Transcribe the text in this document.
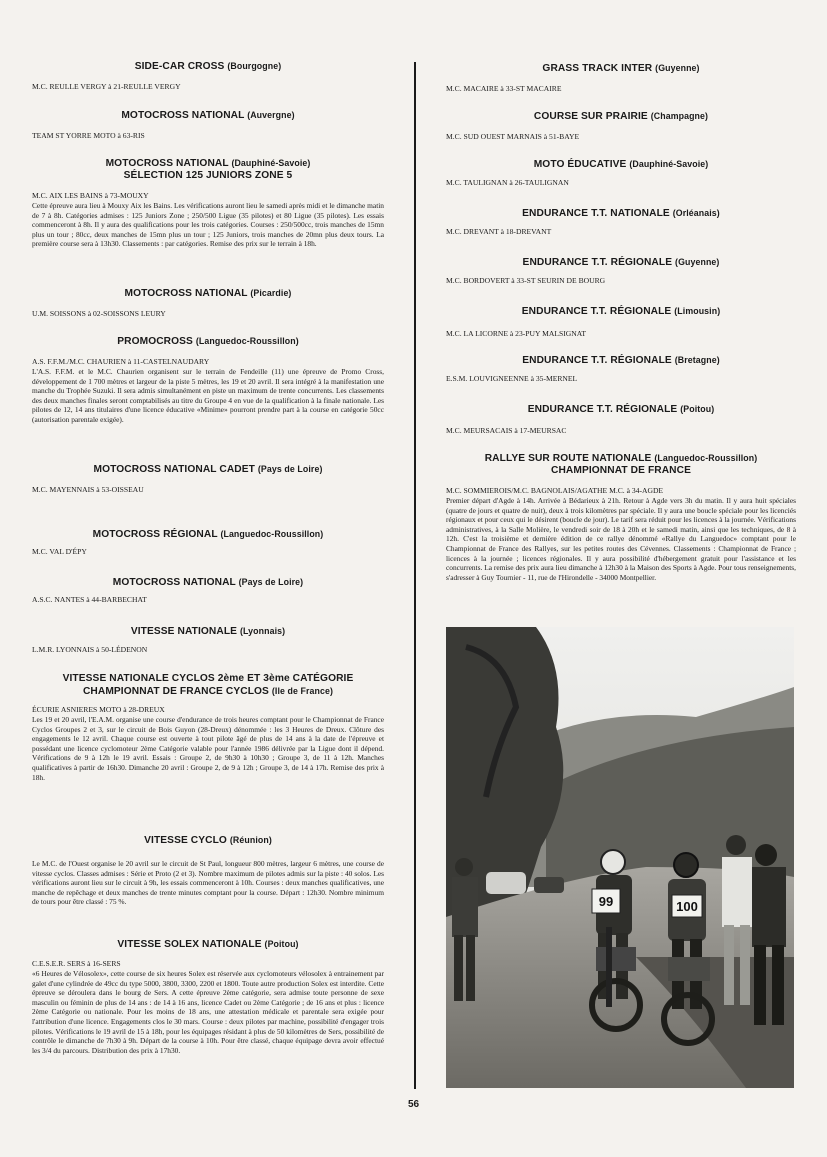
SIDE-CAR CROSS (Bourgogne)
M.C. REULLE VERGY à 21-REULLE VERGY
MOTOCROSS NATIONAL (Auvergne)
TEAM ST YORRE MOTO à 63-RIS
MOTOCROSS NATIONAL (Dauphiné-Savoie)
SÉLECTION 125 JUNIORS ZONE 5
M.C. AIX LES BAINS à 73-MOUXY
Cette épreuve aura lieu à Mouxy Aix les Bains. Les vérifications auront lieu le samedi après midi et le dimanche matin de 7 à 8h. Catégories admises : 125 Juniors Zone ; 250/500 Ligue (35 pilotes) et 80 Ligue (35 pilotes). Les essais commenceront à 8h. Il y aura des qualifications pour les trois catégories. Courses : 250/500cc, trois manches de 15mn plus un tour ; 80cc, deux manches de 15mn plus un tour ; 125 Juniors, trois manches de 20mn plus deux tours. La première course sera à 13h30. Classements : par catégories. Remise des prix sur le terrain à 18h.
MOTOCROSS NATIONAL (Picardie)
U.M. SOISSONS à 02-SOISSONS LEURY
PROMOCROSS (Languedoc-Roussillon)
A.S. F.F.M./M.C. CHAURIEN à 11-CASTELNAUDARY
L'A.S. F.F.M. et le M.C. Chaurien organisent sur le terrain de Fendeille (11) une épreuve de Promo Cross, développement de 1 700 mètres et largeur de la piste 5 mètres, les 19 et 20 avril. Il sera intégré à la manifestation une manche du Trophée Suzuki. Il sera admis simultanément en piste un maximum de trente concurrents. Les classements des deux manches finales seront comptabilisés au titre du Groupe 4 en vue de la qualification à la finale nationale. Les pilotes de 12, 14 ans titulaires d'une licence éducative «Minime» pourront prendre part à la course en catégorie 50cc (autorisation parentale exigée).
MOTOCROSS NATIONAL CADET (Pays de Loire)
M.C. MAYENNAIS à 53-OISSEAU
MOTOCROSS RÉGIONAL (Languedoc-Roussillon)
M.C. VAL D'ÉPY
MOTOCROSS NATIONAL (Pays de Loire)
A.S.C. NANTES à 44-BARBECHAT
VITESSE NATIONALE (Lyonnais)
L.M.R. LYONNAIS à 50-LÉDENON
VITESSE NATIONALE CYCLOS 2ème ET 3ème CATÉGORIE
CHAMPIONNAT DE FRANCE CYCLOS (Ile de France)
ÉCURIE ASNIERES MOTO à 28-DREUX
Les 19 et 20 avril, l'E.A.M. organise une course d'endurance de trois heures comptant pour le Championnat de France Cyclos Groupes 2 et 3, sur le circuit de Bois Guyon (28-Dreux) dénommée : les 3 Heures de Dreux. Clôture des engagements le 12 avril. Chaque course est ouverte à tout pilote âgé de plus de 14 ans à la date de l'épreuve et possédant une licence cyclomoteur 2ème Catégorie valable pour l'année 1986 délivrée par la Ligue dont il dépend. Vérifications de 9 à 12h le 19 avril. Essais : Groupe 2, de 9h30 à 10h30 ; Groupe 3, de 11 à 12h. Manches qualificatives à partir de 16h30. Dimanche 20 avril : Groupe 2, de 9 à 12h ; Groupe 3, de 14 à 17h. Remise des prix à 18h.
VITESSE CYCLO (Réunion)
Le M.C. de l'Ouest organise le 20 avril sur le circuit de St Paul, longueur 800 mètres, largeur 6 mètres, une course de vitesse cyclos. Classes admises : Série et Proto (2 et 3). Nombre maximum de pilotes admis sur la piste : 40 solos. Les vérifications auront lieu sur le circuit à 9h, les essais commenceront à 10h. Courses : deux manches qualificatives, une manche de repêchage et deux manches de trente minutes comptant pour la course. Départ : 12h30. Nombre minimum de tours pour être classé : 75 %.
VITESSE SOLEX NATIONALE (Poitou)
C.E.S.E.R. SERS à 16-SERS
«6 Heures de Vélosolex», cette course de six heures Solex est réservée aux cyclomoteurs vélosolex à entrainement par galet d'une cylindrée de 49cc du type 5000, 3800, 3300, 2200 et 1800. Toute autre production Solex est interdite. Cette épreuve se déroulera dans le bourg de Sers. A cette épreuve 2ème catégorie, sera admise toute personne de sexe masculin ou féminin de plus de 14 ans : de 14 à 16 ans, licence Cadet ou 2ème Catégorie ; de 16 ans et plus : licence 2ème Catégorie ou nationale. Pour les moins de 18 ans, une attestation médicale et parentale sera exigée pour l'attribution d'une licence. Engagements clos le 30 mars. Course : deux pilotes par machine, possibilité d'engager trois pilotes. Vérifications le 19 avril de 15 à 18h, pour les équipages résidant à plus de 50 kilomètres de Sers, possibilité de contrôle le dimanche de 7h30 à 9h. Départ de la course à 10h. Pour être classé, chaque équipage devra avoir effectué les 3/4 du parcours. Distribution des prix à 17h30.
GRASS TRACK INTER (Guyenne)
M.C. MACAIRE à 33-ST MACAIRE
COURSE SUR PRAIRIE (Champagne)
M.C. SUD OUEST MARNAIS à 51-BAYE
MOTO ÉDUCATIVE (Dauphiné-Savoie)
M.C. TAULIGNAN à 26-TAULIGNAN
ENDURANCE T.T. NATIONALE (Orléanais)
M.C. DREVANT à 18-DREVANT
ENDURANCE T.T. RÉGIONALE (Guyenne)
M.C. BORDOVERT à 33-ST SEURIN DE BOURG
ENDURANCE T.T. RÉGIONALE (Limousin)
M.C. LA LICORNE à 23-PUY MALSIGNAT
ENDURANCE T.T. RÉGIONALE (Bretagne)
E.S.M. LOUVIGNEENNE à 35-MERNEL
ENDURANCE T.T. RÉGIONALE (Poitou)
M.C. MEURSACAIS à 17-MEURSAC
RALLYE SUR ROUTE NATIONALE (Languedoc-Roussillon)
CHAMPIONNAT DE FRANCE
M.C. SOMMIEROIS/M.C. BAGNOLAIS/AGATHE M.C. à 34-AGDE
Premier départ d'Agde à 14h. Arrivée à Bédarieux à 21h. Retour à Agde vers 3h du matin. Il y aura huit spéciales (quatre de jours et quatre de nuit), deux à trois kilomètres par spéciale. Il y aura une boucle spéciale pour les licenciés régionaux et pour ceux qui le désirent (boucle de jour). Le tarif sera réduit pour les licences à la journée. Vérifications administratives, à la Salle Molière, le vendredi soir de 18 à 20h et le samedi matin, ainsi que les techniques, de 8 à 12h. C'est la troisième et dernière édition de ce rallye dénommé «Rallye du Languedoc» comptant pour le Championnat de France des Rallyes, sur les petites routes des Cévennes. Classements : Championnat de France ; licences à la journée ; licences régionales. Il y aura possibilité d'hébergement gratuit pour l'assistance et les concurrents. La remise des prix aura lieu dimanche à 12h30 à la Maison des Sports à Agde. Pour tous renseignements, s'adresser à Guy Tournier - 11, rue de l'Hirondelle - 34000 Montpellier.
99	100
56
